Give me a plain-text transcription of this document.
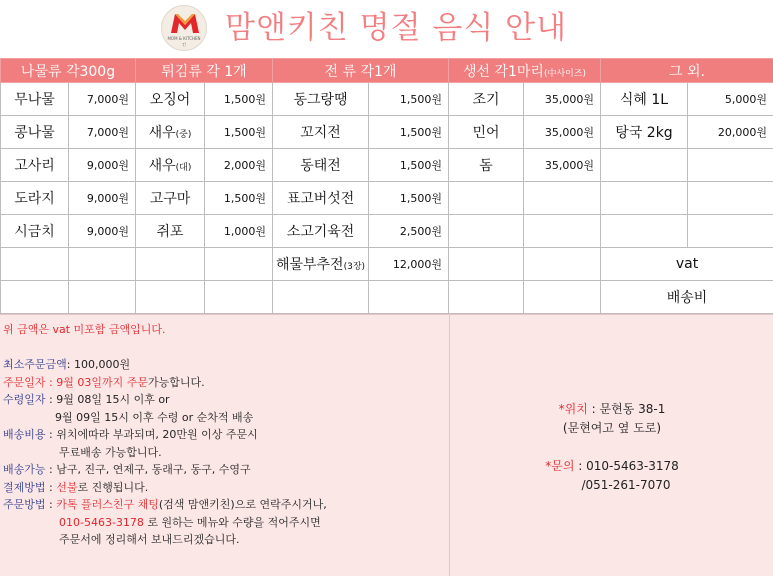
MOM & KITCHEN
킨	맘앤키친 명절 음식 안내
나물류 각300g		튀김류 각 1개		전 류 각1개		생선 각1마리(中사이즈)		그 외.	
무나물	7,000원	오징어	1,500원	동그랑땡	1,500원	조기	35,000원	식혜 1L	5,000원
콩나물	7,000원	새우(중)	1,500원	꼬지전	1,500원	민어	35,000원	탕국 2kg	20,000원
고사리	9,000원	새우(대)	2,000원	동태전	1,500원	돔	35,000원		
도라지	9,000원	고구마	1,500원	표고버섯전	1,500원				
시금치	9,000원	쥐포	1,000원	소고기육전	2,500원				
				해물부추전(3장)	12,000원			vat	
								배송비	
위 금액은 vat 미포함 금액입니다.
최소주문금액: 100,000원
주문일자 : 9월 03일까지 주문가능합니다.
수령일자 : 9월 08일 15시 이후 or
9월 09일 15시 이후 수령 or 순차적 배송
배송비용 : 위치에따라 부과되며, 20만원 이상 주문시
무료배송 가능합니다.
배송가능 : 남구, 진구, 연제구, 동래구, 동구, 수영구
결제방법 : 선불로 진행됩니다.
주문방법 : 카톡 플러스친구 채팅(검색 맘앤키친)으로 연락주시거나,
010-5463-3178 로 원하는 메뉴와 수량을 적어주시면
주문서에 정리해서 보내드리겠습니다.
*위치 : 문현동 38-1
(문현여고 옆 도로)
*문의 : 010-5463-3178
/051-261-7070
